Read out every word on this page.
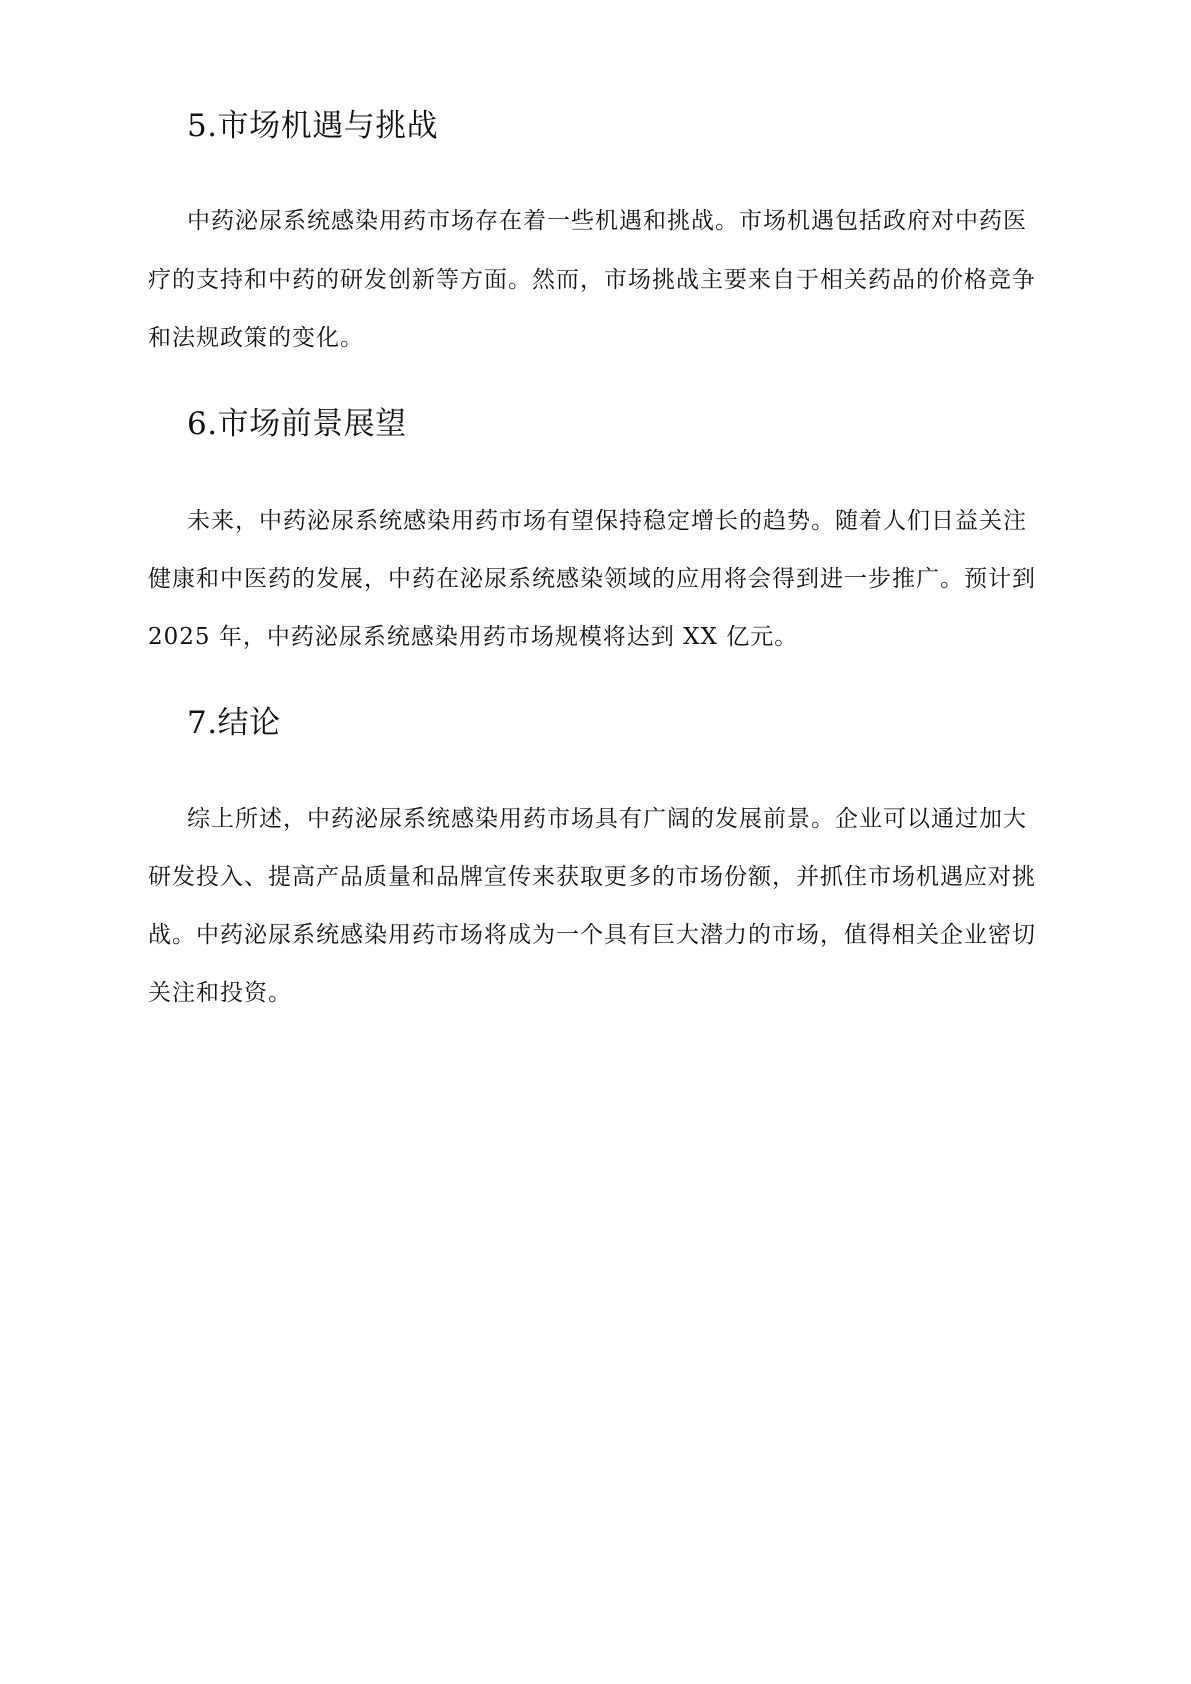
5.市场机遇与挑战

中药泌尿系统感染用药市场存在着一些机遇和挑战。市场机遇包括政府对中药医

疗的支持和中药的研发创新等方面。然而，市场挑战主要来自于相关药品的价格竞争

和法规政策的变化。

6.市场前景展望

未来，中药泌尿系统感染用药市场有望保持稳定增长的趋势。随着人们日益关注

健康和中医药的发展，中药在泌尿系统感染领域的应用将会得到进一步推广。预计到

2025 年，中药泌尿系统感染用药市场规模将达到 XX 亿元。

7.结论

综上所述，中药泌尿系统感染用药市场具有广阔的发展前景。企业可以通过加大

研发投入、提高产品质量和品牌宣传来获取更多的市场份额，并抓住市场机遇应对挑

战。中药泌尿系统感染用药市场将成为一个具有巨大潜力的市场，值得相关企业密切

关注和投资。
